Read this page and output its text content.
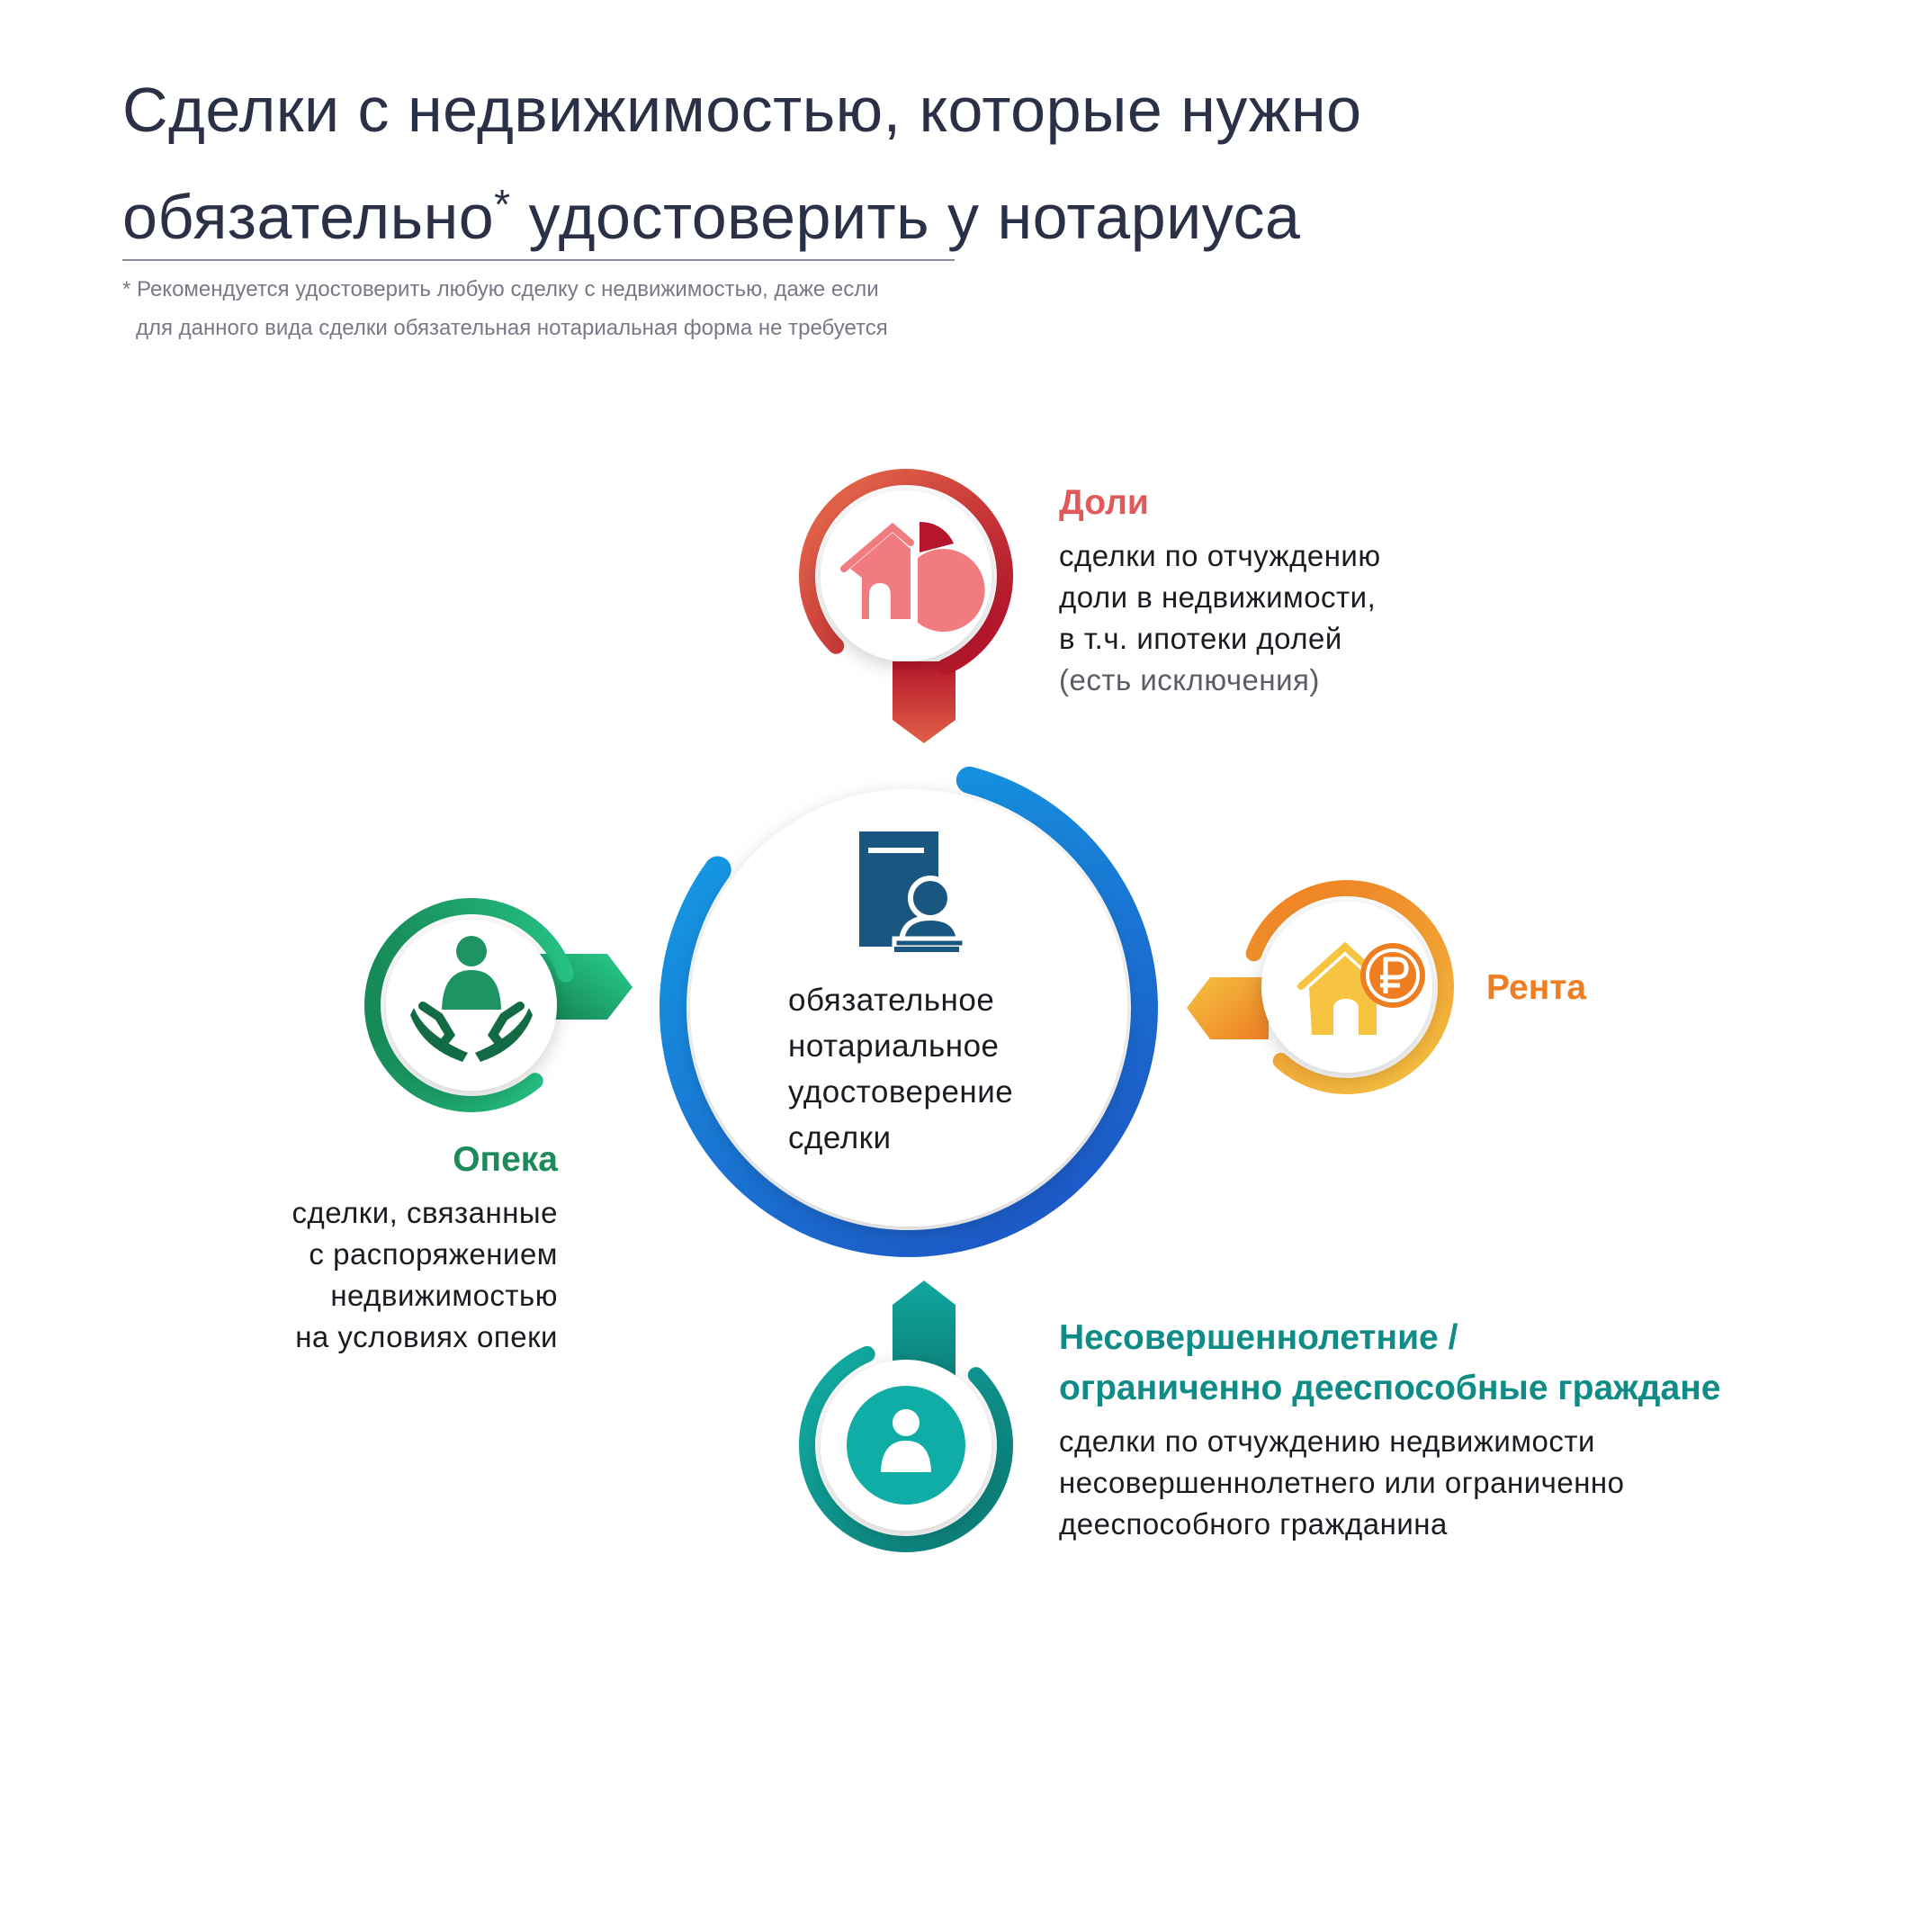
Сделки с недвижимостью, которые нужно
обязательно* удостоверить у нотариуса
* Рекомендуется удостоверить любую сделку с недвижимостью, даже если
для данного вида сделки обязательная нотариальная форма не требуется
обязательное
нотариальное
удостоверение
сделки
Доли
сделки по отчуждению
доли в недвижимости,
в т.ч. ипотеки долей
(есть исключения)
Рента
Опека
сделки, связанные
с распоряжением
недвижимостью
на условиях опеки	Несовершеннолетние /
ограниченно дееспособные граждане
сделки по отчуждению недвижимости
несовершеннолетнего или ограниченно
дееспособного гражданина
